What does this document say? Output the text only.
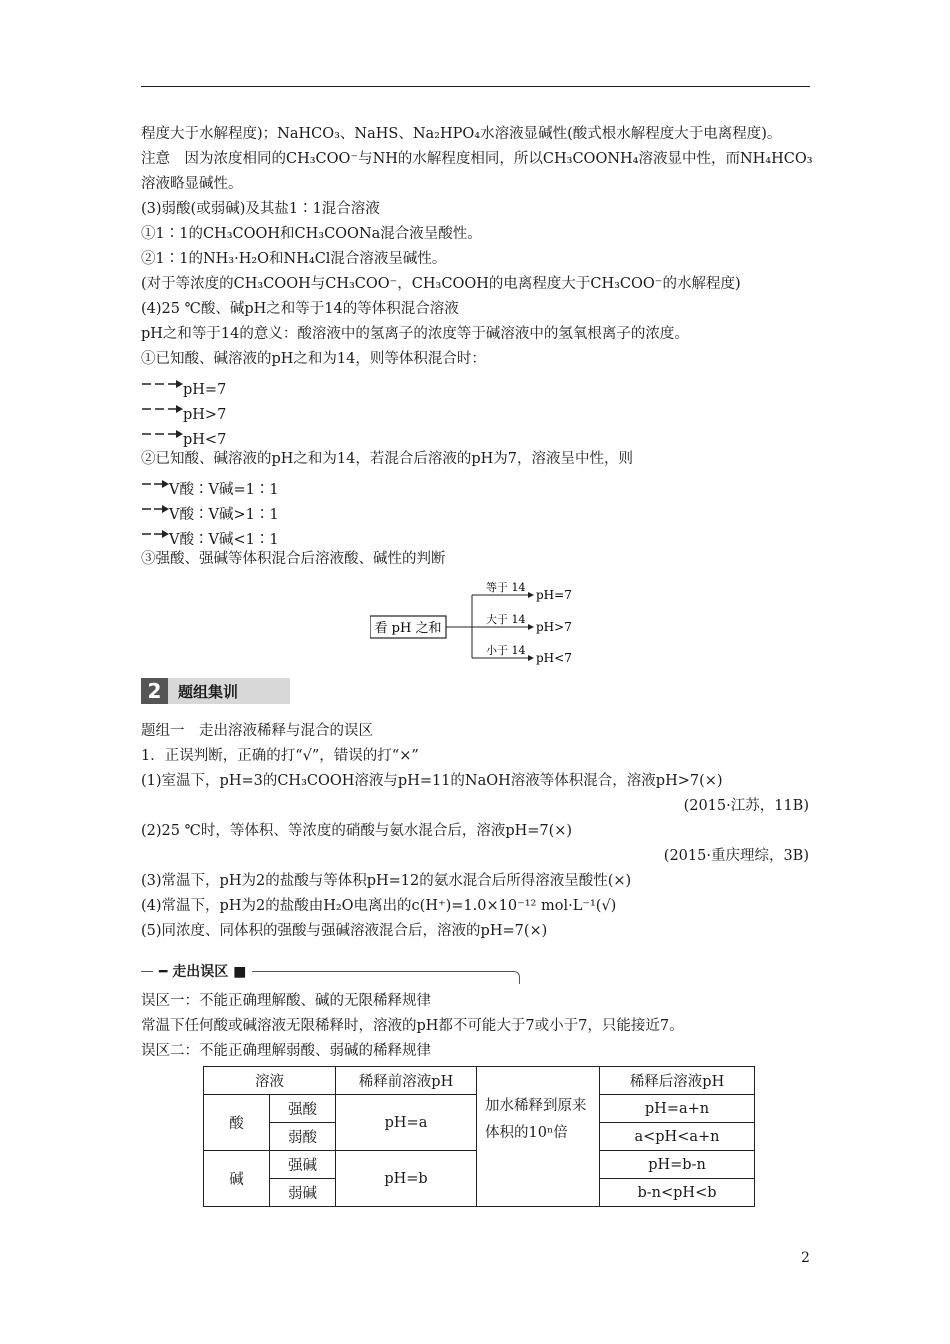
程度大于水解程度)；NaHCO₃、NaHS、Na₂HPO₄水溶液显碱性(酸式根水解程度大于电离程度)。
注意　因为浓度相同的CH₃COO⁻与NH的水解程度相同，所以CH₃COONH₄溶液显中性，而NH₄HCO₃
溶液略显碱性。
(3)弱酸(或弱碱)及其盐1∶1混合溶液
①1∶1的CH₃COOH和CH₃COONa混合液呈酸性。
②1∶1的NH₃·H₂O和NH₄Cl混合溶液呈碱性。
(对于等浓度的CH₃COOH与CH₃COO⁻，CH₃COOH的电离程度大于CH₃COO⁻的水解程度)
(4)25 ℃酸、碱pH之和等于14的等体积混合溶液
pH之和等于14的意义：酸溶液中的氢离子的浓度等于碱溶液中的氢氧根离子的浓度。
①已知酸、碱溶液的pH之和为14，则等体积混合时：
pH=7
pH>7
pH<7
②已知酸、碱溶液的pH之和为14，若混合后溶液的pH为7，溶液呈中性，则
V酸∶V碱=1∶1
V酸∶V碱>1∶1
V酸∶V碱<1∶1
③强酸、强碱等体积混合后溶液酸、碱性的判断
看 pH 之和
等于 14
pH=7
大于 14
pH>7
小于 14
pH<7
2	题组集训
题组一　走出溶液稀释与混合的误区
1．正误判断，正确的打“√”，错误的打“×”
(1)室温下，pH=3的CH₃COOH溶液与pH=11的NaOH溶液等体积混合，溶液pH>7(×)
(2015·江苏，11B)
(2)25 ℃时，等体积、等浓度的硝酸与氨水混合后，溶液pH=7(×)
(2015·重庆理综，3B)
(3)常温下，pH为2的盐酸与等体积pH=12的氨水混合后所得溶液呈酸性(×)
(4)常温下，pH为2的盐酸由H₂O电离出的c(H⁺)=1.0×10⁻¹² mol·L⁻¹(√)
(5)同浓度、同体积的强酸与强碱溶液混合后，溶液的pH=7(×)
━ 走出误区 ■
误区一：不能正确理解酸、碱的无限稀释规律
常温下任何酸或碱溶液无限稀释时，溶液的pH都不可能大于7或小于7，只能接近7。
误区二：不能正确理解弱酸、弱碱的稀释规律
溶液		稀释前溶液pH	加水稀释到原来体积的10ⁿ倍	稀释后溶液pH
酸	强酸	pH=a		pH=a+n
	弱酸			a<pH<a+n
碱	强碱	pH=b		pH=b-n
	弱碱			b-n<pH<b
2
